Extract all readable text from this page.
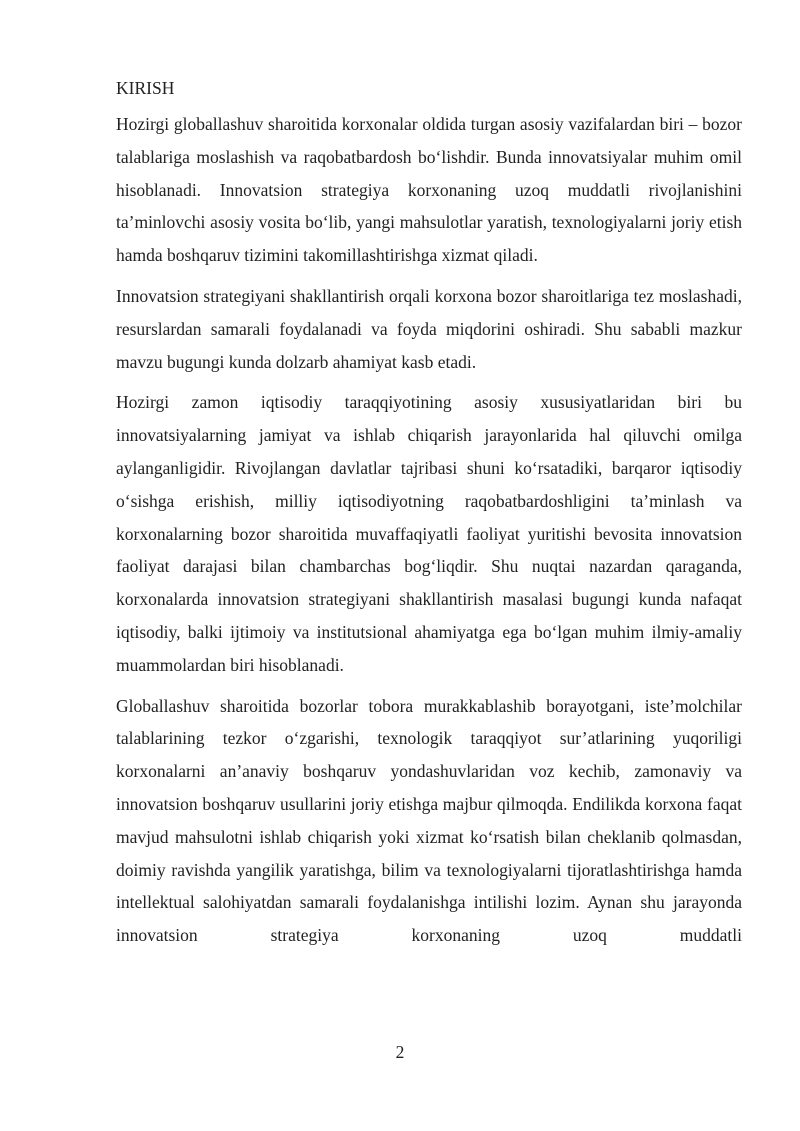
KIRISH

Hozirgi globallashuv sharoitida korxonalar oldida turgan asosiy vazifalardan biri – bozor talablariga moslashish va raqobatbardosh bo‘lishdir. Bunda innovatsiyalar muhim omil hisoblanadi. Innovatsion strategiya korxonaning uzoq muddatli rivojlanishini ta’minlovchi asosiy vosita bo‘lib, yangi mahsulotlar yaratish, texnologiyalarni joriy etish hamda boshqaruv tizimini takomillashtirishga xizmat qiladi.

Innovatsion strategiyani shakllantirish orqali korxona bozor sharoitlariga tez moslashadi, resurslardan samarali foydalanadi va foyda miqdorini oshiradi. Shu sababli mazkur mavzu bugungi kunda dolzarb ahamiyat kasb etadi.

Hozirgi zamon iqtisodiy taraqqiyotining asosiy xususiyatlaridan biri bu innovatsiyalarning jamiyat va ishlab chiqarish jarayonlarida hal qiluvchi omilga aylanganligidir. Rivojlangan davlatlar tajribasi shuni ko‘rsatadiki, barqaror iqtisodiy o‘sishga erishish, milliy iqtisodiyotning raqobatbardoshligini ta’minlash va korxonalarning bozor sharoitida muvaffaqiyatli faoliyat yuritishi bevosita innovatsion faoliyat darajasi bilan chambarchas bog‘liqdir. Shu nuqtai nazardan qaraganda, korxonalarda innovatsion strategiyani shakllantirish masalasi bugungi kunda nafaqat iqtisodiy, balki ijtimoiy va institutsional ahamiyatga ega bo‘lgan muhim ilmiy-amaliy muammolardan biri hisoblanadi.

Globallashuv sharoitida bozorlar tobora murakkablashib borayotgani, iste’molchilar talablarining tezkor o‘zgarishi, texnologik taraqqiyot sur’atlarining yuqoriligi korxonalarni an’anaviy boshqaruv yondashuvlaridan voz kechib, zamonaviy va innovatsion boshqaruv usullarini joriy etishga majbur qilmoqda. Endilikda korxona faqat mavjud mahsulotni ishlab chiqarish yoki xizmat ko‘rsatish bilan cheklanib qolmasdan, doimiy ravishda yangilik yaratishga, bilim va texnologiyalarni tijoratlashtirishga hamda intellektual salohiyatdan samarali foydalanishga intilishi lozim. Aynan shu jarayonda innovatsion strategiya korxonaning uzoq muddatli

2
